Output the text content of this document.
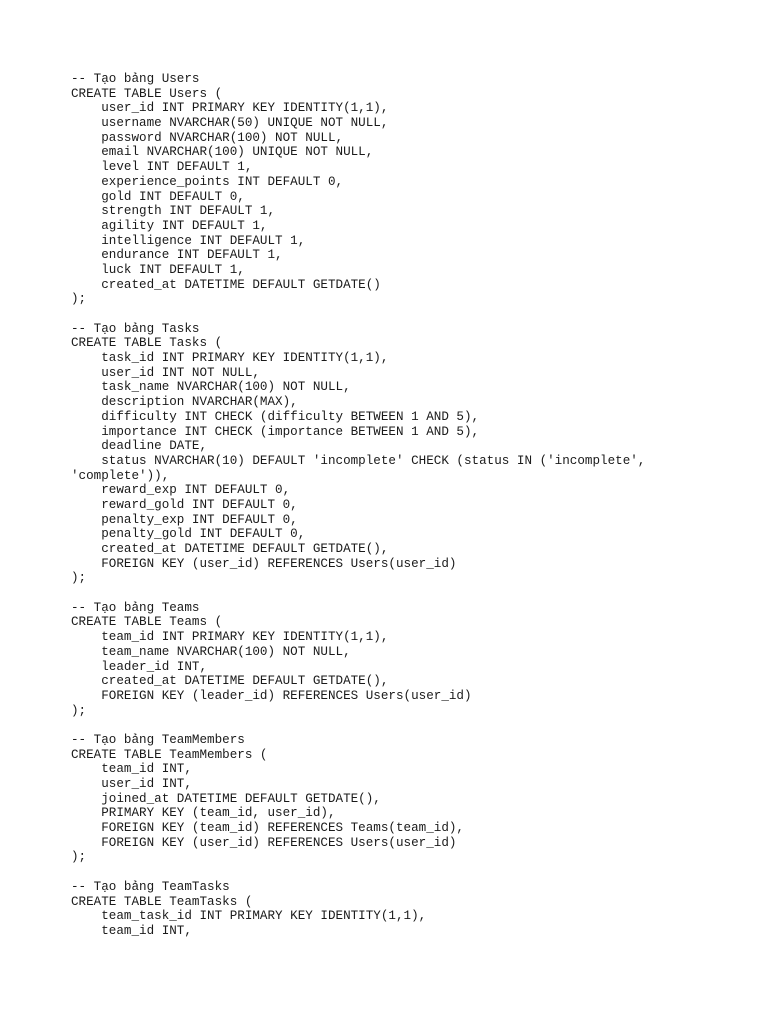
-- Tạo bảng Users
CREATE TABLE Users (
user_id INT PRIMARY KEY IDENTITY(1,1),
username NVARCHAR(50) UNIQUE NOT NULL,
password NVARCHAR(100) NOT NULL,
email NVARCHAR(100) UNIQUE NOT NULL,
level INT DEFAULT 1,
experience_points INT DEFAULT 0,
gold INT DEFAULT 0,
strength INT DEFAULT 1,
agility INT DEFAULT 1,
intelligence INT DEFAULT 1,
endurance INT DEFAULT 1,
luck INT DEFAULT 1,
created_at DATETIME DEFAULT GETDATE()
);
-- Tạo bảng Tasks
CREATE TABLE Tasks (
task_id INT PRIMARY KEY IDENTITY(1,1),
user_id INT NOT NULL,
task_name NVARCHAR(100) NOT NULL,
description NVARCHAR(MAX),
difficulty INT CHECK (difficulty BETWEEN 1 AND 5),
importance INT CHECK (importance BETWEEN 1 AND 5),
deadline DATE,
status NVARCHAR(10) DEFAULT 'incomplete' CHECK (status IN ('incomplete',
'complete')),
reward_exp INT DEFAULT 0,
reward_gold INT DEFAULT 0,
penalty_exp INT DEFAULT 0,
penalty_gold INT DEFAULT 0,
created_at DATETIME DEFAULT GETDATE(),
FOREIGN KEY (user_id) REFERENCES Users(user_id)
);
-- Tạo bảng Teams
CREATE TABLE Teams (
team_id INT PRIMARY KEY IDENTITY(1,1),
team_name NVARCHAR(100) NOT NULL,
leader_id INT,
created_at DATETIME DEFAULT GETDATE(),
FOREIGN KEY (leader_id) REFERENCES Users(user_id)
);
-- Tạo bảng TeamMembers
CREATE TABLE TeamMembers (
team_id INT,
user_id INT,
joined_at DATETIME DEFAULT GETDATE(),
PRIMARY KEY (team_id, user_id),
FOREIGN KEY (team_id) REFERENCES Teams(team_id),
FOREIGN KEY (user_id) REFERENCES Users(user_id)
);
-- Tạo bảng TeamTasks
CREATE TABLE TeamTasks (
team_task_id INT PRIMARY KEY IDENTITY(1,1),
team_id INT,
